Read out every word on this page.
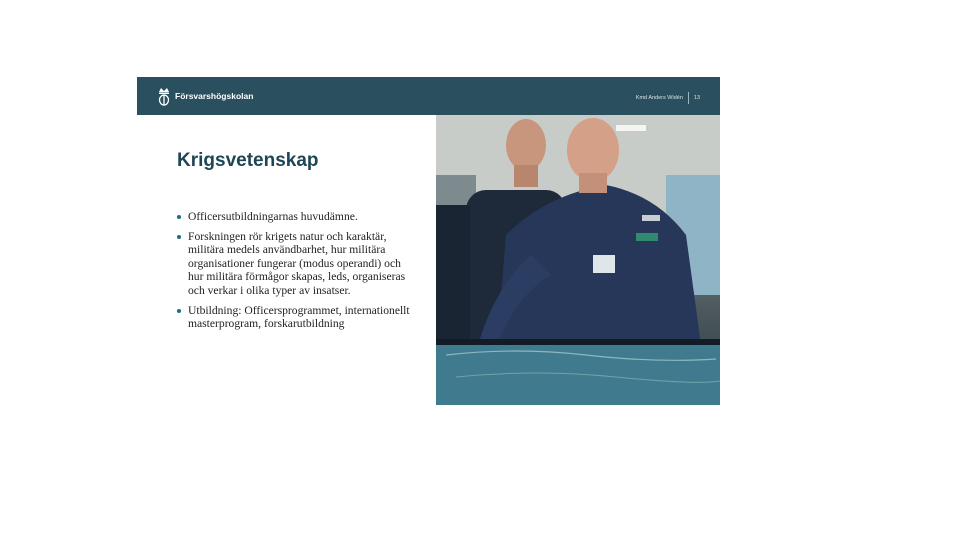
Försvarshögskolan	Kmd Anders Widén 13
Krigsvetenskap
Officersutbildningarnas huvudämne.
Forskningen rör krigets natur och karaktär, militära medels användbarhet, hur militära organisationer fungerar (modus operandi) och hur militära förmågor skapas, leds, organiseras och verkar i olika typer av insatser.
Utbildning: Officersprogrammet, internationellt masterprogram, forskarutbildning
